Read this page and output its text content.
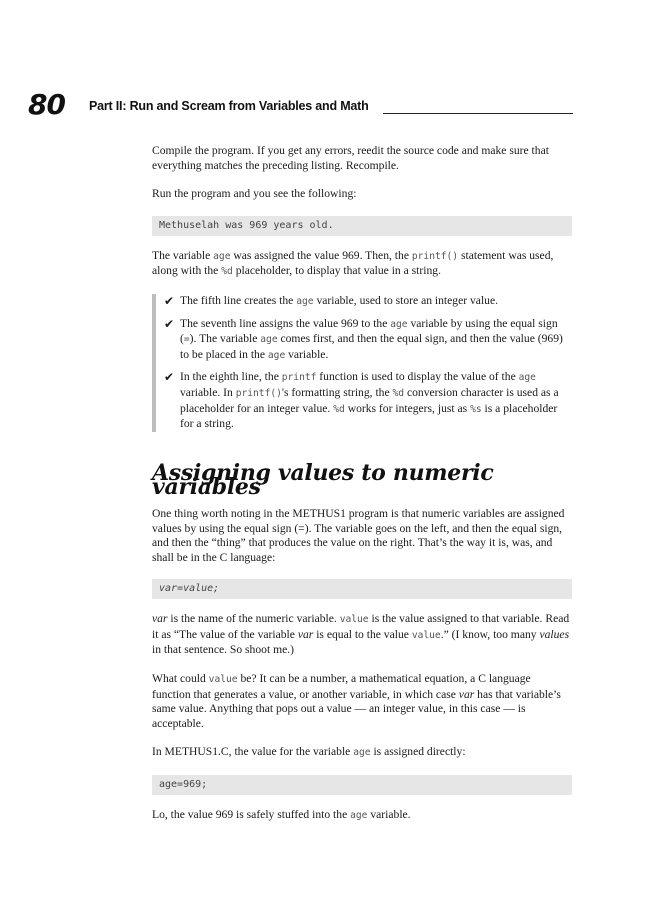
80 Part II: Run and Scream from Variables and Math

Compile the program. If you get any errors, reedit the source code and make sure that everything matches the preceding listing. Recompile.

Run the program and you see the following:

Methuselah was 969 years old.

The variable age was assigned the value 969. Then, the printf() statement was used, along with the %d placeholder, to display that value in a string.

✔ The fifth line creates the age variable, used to store an integer value.
✔ The seventh line assigns the value 969 to the age variable by using the equal sign (=). The variable age comes first, and then the equal sign, and then the value (969) to be placed in the age variable.
✔ In the eighth line, the printf function is used to display the value of the age variable. In printf()'s formatting string, the %d conversion character is used as a placeholder for an integer value. %d works for integers, just as %s is a placeholder for a string.
Assigning values to numeric variables

One thing worth noting in the METHUS1 program is that numeric variables are assigned values by using the equal sign (=). The variable goes on the left, and then the equal sign, and then the “thing” that produces the value on the right. That’s the way it is, was, and shall be in the C language:

var=value;

var is the name of the numeric variable. value is the value assigned to that variable. Read it as “The value of the variable var is equal to the value value.” (I know, too many values in that sentence. So shoot me.)

What could value be? It can be a number, a mathematical equation, a C language function that generates a value, or another variable, in which case var has that variable’s same value. Anything that pops out a value — an integer value, in this case — is acceptable.

In METHUS1.C, the value for the variable age is assigned directly:

age=969;

Lo, the value 969 is safely stuffed into the age variable.
